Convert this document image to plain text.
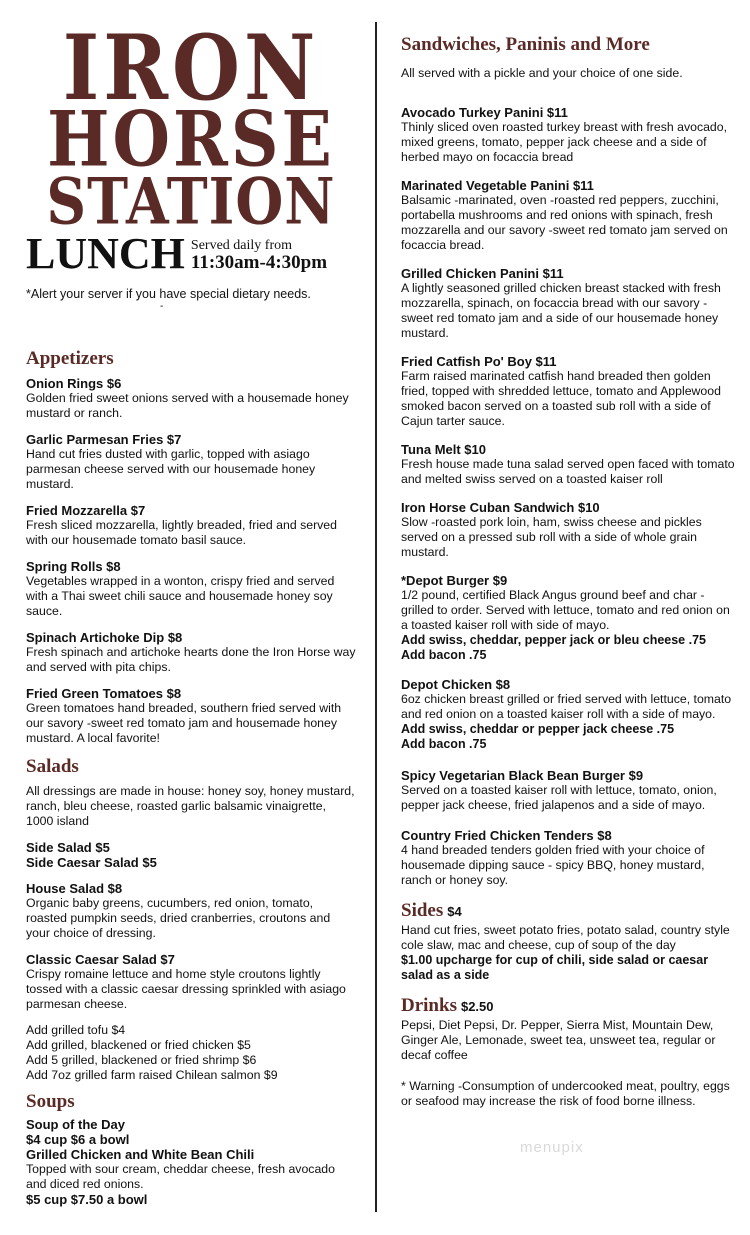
IRON
HORSE
STATION
LUNCH Served daily from
11:30am-4:30pm
*Alert your server if you have special dietary needs.
-
Appetizers
Onion Rings $6
Golden fried sweet onions served with a housemade honey mustard or ranch.
Garlic Parmesan Fries $7
Hand cut fries dusted with garlic, topped with asiago parmesan cheese served with our housemade honey mustard.
Fried Mozzarella $7
Fresh sliced mozzarella, lightly breaded, fried and served with our housemade tomato basil sauce.
Spring Rolls $8
Vegetables wrapped in a wonton, crispy fried and served with a Thai sweet chili sauce and housemade honey soy sauce.
Spinach Artichoke Dip $8
Fresh spinach and artichoke hearts done the Iron Horse way and served with pita chips.
Fried Green Tomatoes $8
Green tomatoes hand breaded, southern fried served with our savory -sweet red tomato jam and housemade honey mustard. A local favorite!
Salads
All dressings are made in house: honey soy, honey mustard, ranch, bleu cheese, roasted garlic balsamic vinaigrette, 1000 island
Side Salad $5
Side Caesar Salad $5
House Salad $8
Organic baby greens, cucumbers, red onion, tomato, roasted pumpkin seeds, dried cranberries, croutons and your choice of dressing.
Classic Caesar Salad $7
Crispy romaine lettuce and home style croutons lightly tossed with a classic caesar dressing sprinkled with asiago parmesan cheese.
Add grilled tofu $4
Add grilled, blackened or fried chicken $5
Add 5 grilled, blackened or fried shrimp $6
Add 7oz grilled farm raised Chilean salmon $9
Soups
Soup of the Day
$4 cup $6 a bowl
Grilled Chicken and White Bean Chili
Topped with sour cream, cheddar cheese, fresh avocado and diced red onions.
$5 cup $7.50 a bowl
Sandwiches, Paninis and More
All served with a pickle and your choice of one side.
Avocado Turkey Panini $11
Thinly sliced oven roasted turkey breast with fresh avocado, mixed greens, tomato, pepper jack cheese and a side of herbed mayo on focaccia bread
Marinated Vegetable Panini $11
Balsamic -marinated, oven -roasted red peppers, zucchini, portabella mushrooms and red onions with spinach, fresh mozzarella and our savory -sweet red tomato jam served on focaccia bread.
Grilled Chicken Panini $11
A lightly seasoned grilled chicken breast stacked with fresh mozzarella, spinach, on focaccia bread with our savory -sweet red tomato jam and a side of our housemade honey mustard.
Fried Catfish Po' Boy $11
Farm raised marinated catfish hand breaded then golden fried, topped with shredded lettuce, tomato and Applewood smoked bacon served on a toasted sub roll with a side of Cajun tarter sauce.
Tuna Melt $10
Fresh house made tuna salad served open faced with tomato and melted swiss served on a toasted kaiser roll
Iron Horse Cuban Sandwich $10
Slow -roasted pork loin, ham, swiss cheese and pickles served on a pressed sub roll with a side of whole grain mustard.
*Depot Burger $9
1/2 pound, certified Black Angus ground beef and char -grilled to order. Served with lettuce, tomato and red onion on a toasted kaiser roll with side of mayo.
Add swiss, cheddar, pepper jack or bleu cheese .75
Add bacon .75
Depot Chicken $8
6oz chicken breast grilled or fried served with lettuce, tomato and red onion on a toasted kaiser roll with a side of mayo.
Add swiss, cheddar or pepper jack cheese .75
Add bacon .75
Spicy Vegetarian Black Bean Burger $9
Served on a toasted kaiser roll with lettuce, tomato, onion, pepper jack cheese, fried jalapenos and a side of mayo.
Country Fried Chicken Tenders $8
4 hand breaded tenders golden fried with your choice of housemade dipping sauce - spicy BBQ, honey mustard, ranch or honey soy.
Sides $4
Hand cut fries, sweet potato fries, potato salad, country style cole slaw, mac and cheese, cup of soup of the day
$1.00 upcharge for cup of chili, side salad or caesar salad as a side
Drinks $2.50
Pepsi, Diet Pepsi, Dr. Pepper, Sierra Mist, Mountain Dew, Ginger Ale, Lemonade, sweet tea, unsweet tea, regular or decaf coffee
* Warning -Consumption of undercooked meat, poultry, eggs or seafood may increase the risk of food borne illness.
menupix
